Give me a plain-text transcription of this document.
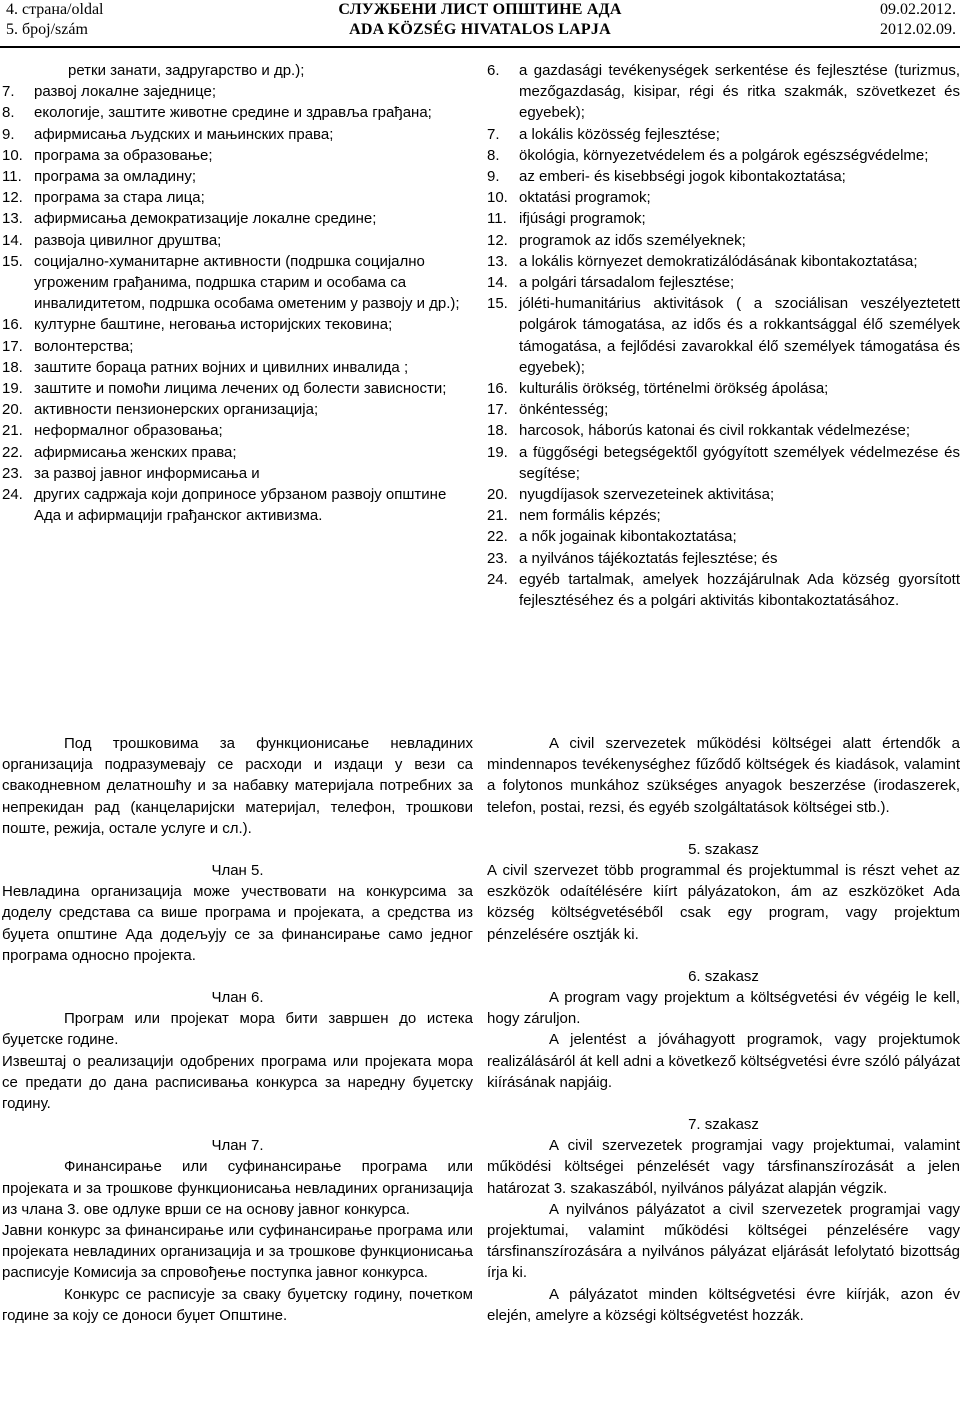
4. страна/oldal
5. број/szám
СЛУЖБЕНИ ЛИСТ ОПШТИНЕ АДА
ADA KÖZSÉG HIVATALOS LAPJA
09.02.2012.
2012.02.09.
ретки занати, задругарство и др.);
7. развој локалне заједнице;
8. екологије, заштите животне средине и здравља грађана;
9. афирмисања људских и мањинских права;
10. програма за образовање;
11. програма за омладину;
12. програма за стара лица;
13. афирмисања демократизације локалне средине;
14. развоја цивилног друштва;
15. социјално-хуманитарне активности (подршка социјално угроженим грађанима, подршка старим и особама са инвалидитетом, подршка особама ометеним у развоју и др.);
16. културне баштине, неговања историјских тековина;
17. волонтерства;
18. заштите бораца ратних војних и цивилних инвалида ;
19. заштите и помоћи лицима лечених од болести зависности;
20. активности пензионерских организација;
21. неформалног образовања;
22. афирмисања женских права;
23. за развој јавног информисања и
24. других садржаја који доприносе убрзаном развоју општине Ада и афирмацији грађанског активизма.
6. a gazdasági tevékenységek serkentése és fejlesztése (turizmus, mezőgazdaság, kisipar, régi és ritka szakmák, szövetkezet és egyebek);
7. a lokális közösség fejlesztése;
8. ökológia, környezetvédelem és a polgárok egészségvédelme;
9. az emberi- és kisebbségi jogok kibontakoztatása;
10. oktatási programok;
11. ifjúsági programok;
12. programok az idős személyeknek;
13. a lokális környezet demokratizálódásának kibontakoztatása;
14. a polgári társadalom fejlesztése;
15. jóléti-humanitárius aktivitások ( a szociálisan veszélyeztetett polgárok támogatása, az idős és a rokkantsággal élő személyek támogatása, a fejlődési zavarokkal élő személyek támogatása és egyebek);
16. kulturális örökség, történelmi örökség ápolása;
17. önkéntesség;
18. harcosok, háborús katonai és civil rokkantak védelmezése;
19. a függőségi betegségektől gyógyított személyek védelmezése és segítése;
20. nyugdíjasok szervezeteinek aktivitása;
21. nem formális képzés;
22. a nők jogainak kibontakoztatása;
23. a nyilvános tájékoztatás fejlesztése; és
24. egyéb tartalmak, amelyek hozzájárulnak Ada község gyorsított fejlesztéséhez és a polgári aktivitás kibontakoztatásához.

Под трошковима за функционисање невладиних организација подразумевају се расходи и издаци у вези са свакодневном делатношћу и за набавку материјала потребних за непрекидан рад (канцеларијски материјал, телефон, трошкови поште, режија, остале услуге и сл.).

Члан 5.

Невладина организација може учествовати на конкурсима за доделу средстава са више програма и пројеката, а средства из буџета општине Ада додељују се за финансирање само једног програма односно пројекта.

Члан 6.

Програм или пројекат мора бити завршен до истека буџетске године.

Извештај о реализацији одобрених програма или пројеката мора се предати до дана расписивања конкурса за наредну буџетску годину.

Члан 7.

Финансирање или суфинансирање програма или пројеката и за трошкове функционисања невладиних организација из члана 3. ове одлуке врши се на основу јавног конкурса.

Јавни конкурс за финансирање или суфинансирање програма или пројеката невладиних организација и за трошкове функционисања расписује Комисија за спровођење поступка јавног конкурса.

Конкурс се расписује за сваку буџетску годину, почетком године за коју се доноси буџет Општине.

A civil szervezetek működési költségei alatt értendők a mindennapos tevékenységhez fűződő költségek és kiadások, valamint a folytonos munkához szükséges anyagok beszerzése (irodaszerek, telefon, postai, rezsi, és egyéb szolgáltatások költségei stb.).

5. szakasz

A civil szervezet több programmal és projektummal is részt vehet az eszközök odaítélésére kiírt pályázatokon, ám az eszközöket Ada község költségvetéséből csak egy program, vagy projektum pénzelésére osztják ki.

6. szakasz

A program vagy projektum a költségvetési év végéig le kell, hogy záruljon.

A jelentést a jóváhagyott programok, vagy projektumok realizálásáról át kell adni a következő költségvetési évre szóló pályázat kiírásának napjáig.

7. szakasz

A civil szervezetek programjai vagy projektumai, valamint működési költségei pénzelését vagy társfinanszírozását a jelen határozat 3. szakaszából, nyilvános pályázat alapján végzik.

A nyilvános pályázatot a civil szervezetek programjai vagy projektumai, valamint működési költségei pénzelésére vagy társfinanszírozására a nyilvános pályázat eljárását lefolytató bizottság írja ki.

A pályázatot minden költségvetési évre kiírják, azon év elején, amelyre a községi költségvetést hozzák.
